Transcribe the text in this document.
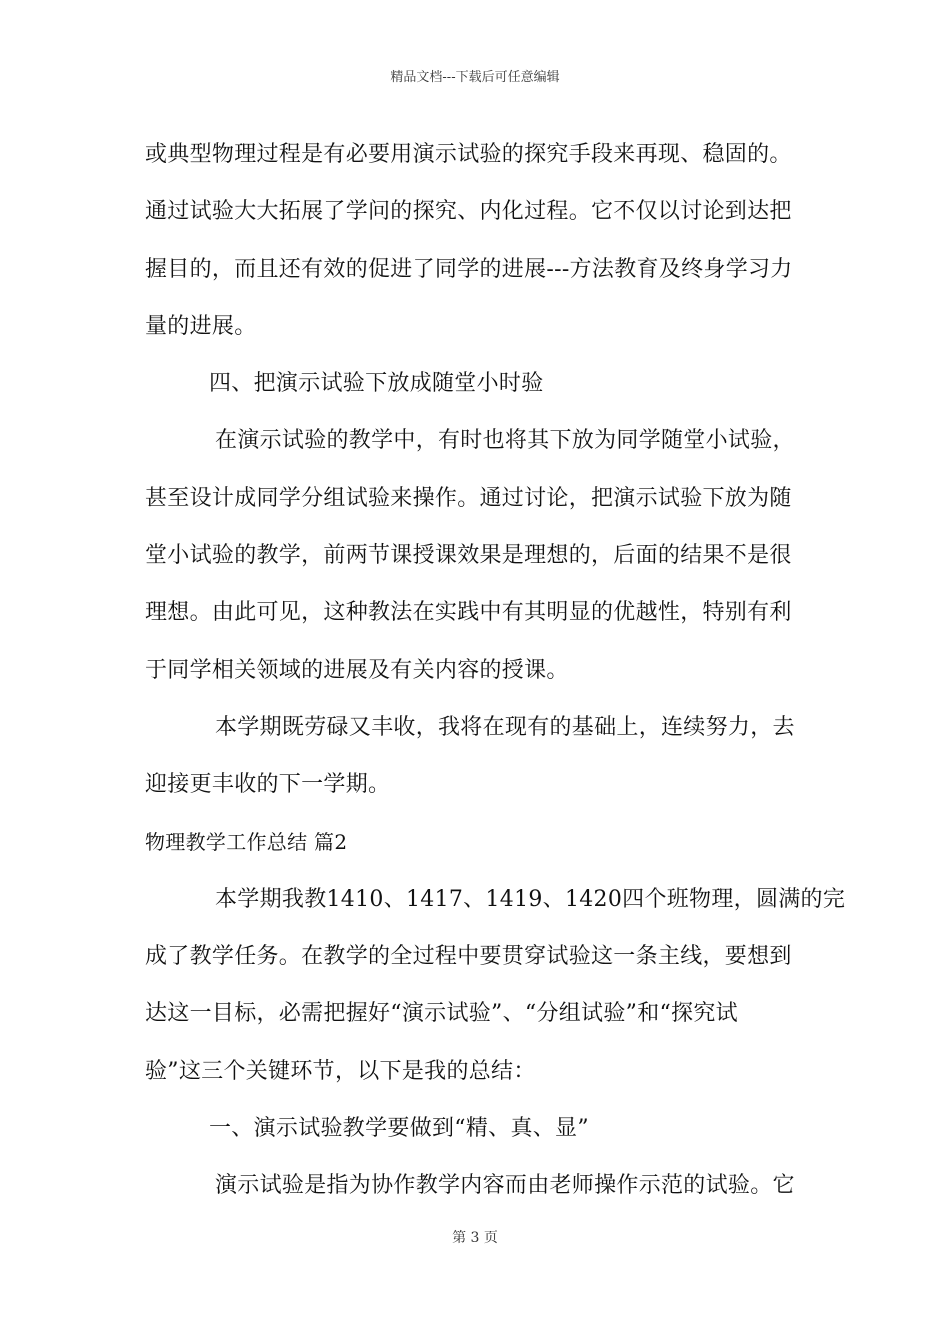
精品文档---下载后可任意编辑
或典型物理过程是有必要用演示试验的探究手段来再现、稳固的。
通过试验大大拓展了学问的探究、内化过程。它不仅以讨论到达把
握目的，而且还有效的促进了同学的进展---方法教育及终身学习力
量的进展。
四、把演示试验下放成随堂小时验
在演示试验的教学中，有时也将其下放为同学随堂小试验，
甚至设计成同学分组试验来操作。通过讨论，把演示试验下放为随
堂小试验的教学，前两节课授课效果是理想的，后面的结果不是很
理想。由此可见，这种教法在实践中有其明显的优越性，特别有利
于同学相关领域的进展及有关内容的授课。
本学期既劳碌又丰收，我将在现有的基础上，连续努力，去
迎接更丰收的下一学期。
物理教学工作总结 篇2
本学期我教1410、1417、1419、1420四个班物理，圆满的完
成了教学任务。在教学的全过程中要贯穿试验这一条主线，要想到
达这一目标，必需把握好“演示试验”、“分组试验”和“探究试
验”这三个关键环节，以下是我的总结：
一、演示试验教学要做到“精、真、显”
演示试验是指为协作教学内容而由老师操作示范的试验。它
第 3 页
